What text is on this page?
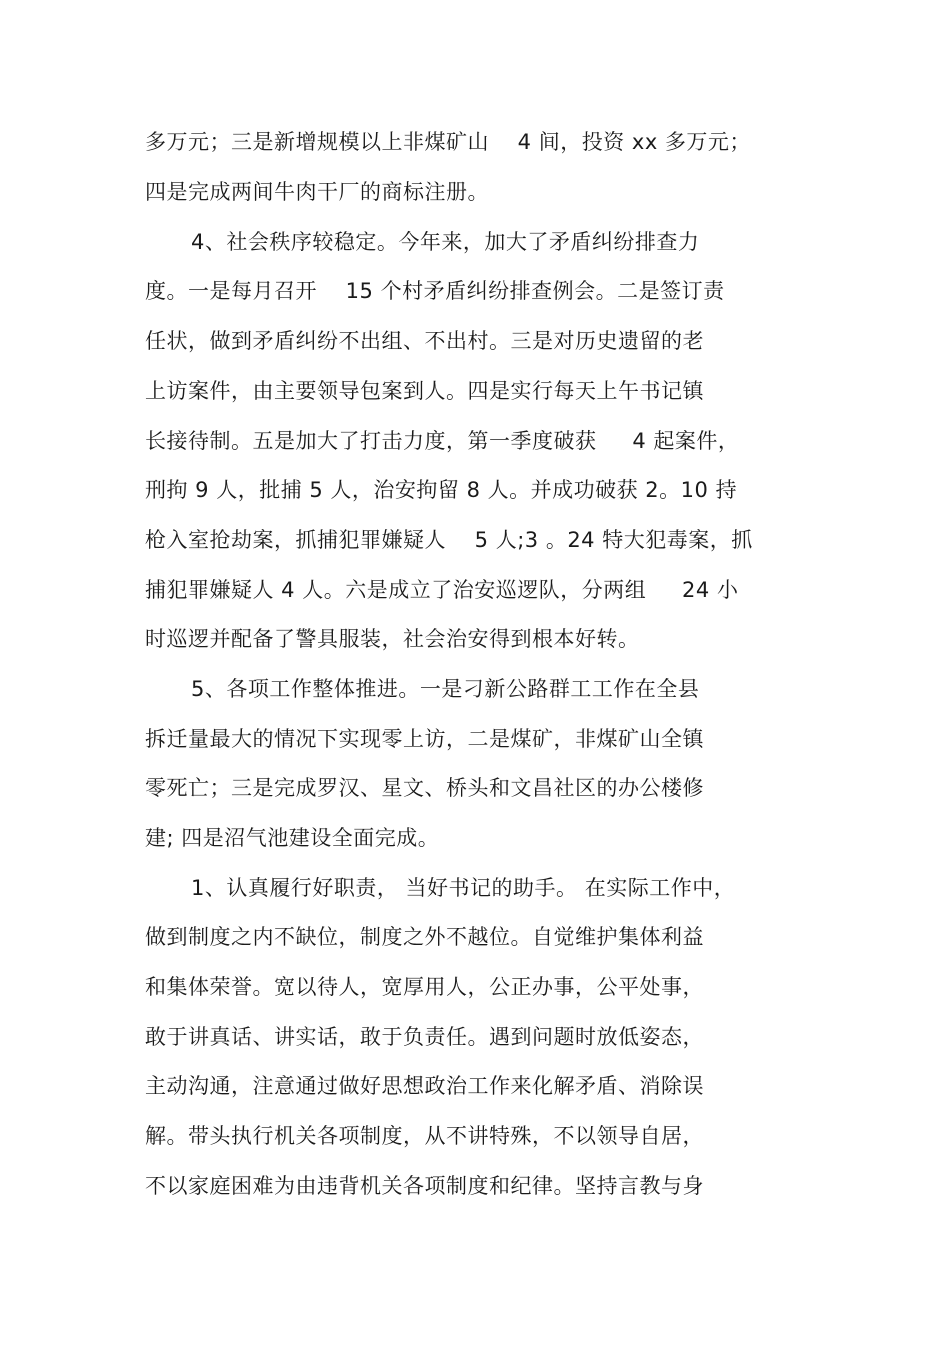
多万元；三是新增规模以上非煤矿山 　4 间，投资 xx 多万元；

四是完成两间牛肉干厂的商标注册。

4、社会秩序较稳定。今年来，加大了矛盾纠纷排查力

度。一是每月召开 　15 个村矛盾纠纷排查例会。二是签订责

任状，做到矛盾纠纷不出组、不出村。三是对历史遗留的老

上访案件，由主要领导包案到人。四是实行每天上午书记镇

长接待制。五是加大了打击力度，第一季度破获 　 4 起案件，

刑拘 9 人，批捕 5 人，治安拘留 8 人。并成功破获 2。10 持

枪入室抢劫案，抓捕犯罪嫌疑人 　5 人;3 。24 特大犯毒案，抓

捕犯罪嫌疑人 4 人。六是成立了治安巡逻队，分两组 　 24 小

时巡逻并配备了警具服装，社会治安得到根本好转。

5、各项工作整体推进。一是刁新公路群工工作在全县

拆迁量最大的情况下实现零上访，二是煤矿，非煤矿山全镇

零死亡；三是完成罗汉、星文、桥头和文昌社区的办公楼修

建; 四是沼气池建设全面完成。

1、认真履行好职责， 当好书记的助手。 在实际工作中，

做到制度之内不缺位，制度之外不越位。自觉维护集体利益

和集体荣誉。宽以待人，宽厚用人，公正办事，公平处事，

敢于讲真话、讲实话，敢于负责任。遇到问题时放低姿态，

主动沟通，注意通过做好思想政治工作来化解矛盾、消除误

解。带头执行机关各项制度，从不讲特殊，不以领导自居，

不以家庭困难为由违背机关各项制度和纪律。坚持言教与身
